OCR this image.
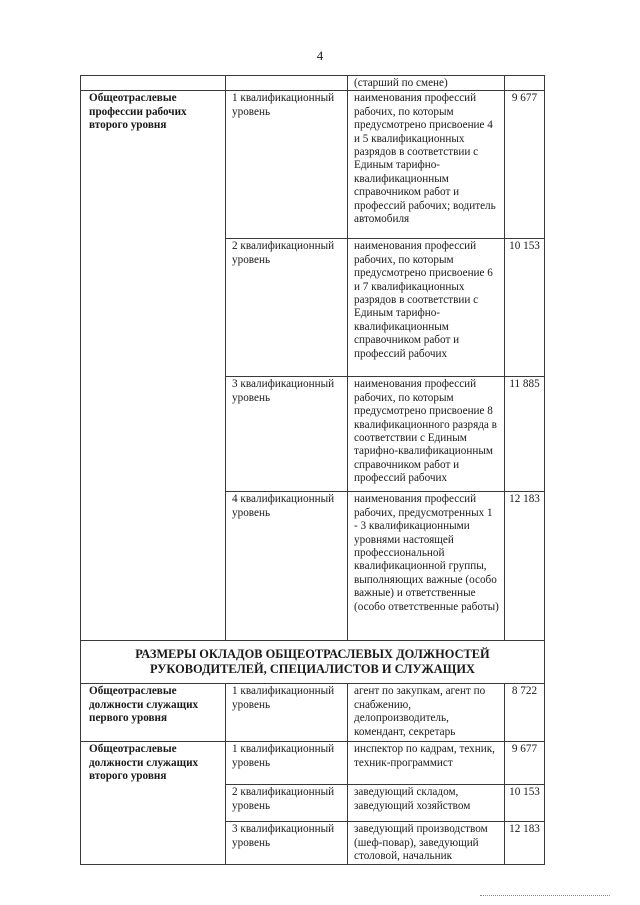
4
		(старший по смене)	
Общеотраслевые профессии рабочих второго уровня	1 квалификационный уровень	наименования профессий рабочих, по которым предусмотрено присвоение 4 и 5 квалификационных разрядов в соответствии с Единым тарифно-квалификационным справочником работ и профессий рабочих; водитель автомобиля	9 677
	2 квалификационный уровень	наименования профессий рабочих, по которым предусмотрено присвоение 6 и 7 квалификационных разрядов в соответствии с Единым тарифно-квалификационным справочником работ и профессий рабочих	10 153
	3 квалификационный уровень	наименования профессий рабочих, по которым предусмотрено присвоение 8 квалификационного разряда в соответствии с Единым тарифно-квалификационным справочником работ и профессий рабочих	11 885
	4 квалификационный уровень	наименования профессий рабочих, предусмотренных 1 - 3 квалификационными уровнями настоящей профессиональной квалификационной группы, выполняющих важные (особо важные) и ответственные (особо ответственные работы)	12 183
РАЗМЕРЫ ОКЛАДОВ ОБЩЕОТРАСЛЕВЫХ ДОЛЖНОСТЕЙ РУКОВОДИТЕЛЕЙ, СПЕЦИАЛИСТОВ И СЛУЖАЩИХ			
Общеотраслевые должности служащих первого уровня	1 квалификационный уровень	агент по закупкам, агент по снабжению, делопроизводитель, комендант, секретарь	8 722
Общеотраслевые должности служащих второго уровня	1 квалификационный уровень	инспектор по кадрам, техник, техник-программист	9 677
	2 квалификационный уровень	заведующий складом, заведующий хозяйством	10 153
	3 квалификационный уровень	заведующий производством (шеф-повар), заведующий столовой, начальник	12 183
